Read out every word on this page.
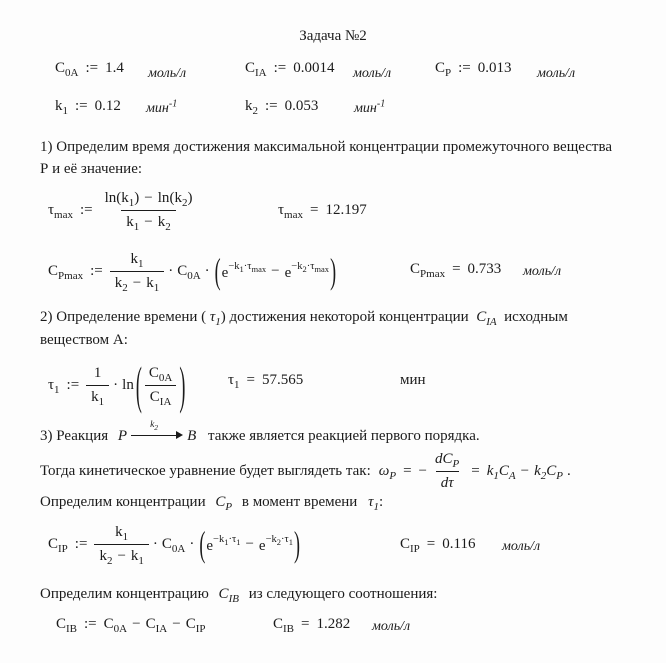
Задача №2
$C_{0A}$ := 1.4 моль/л	$C_{IA}$ := 0.0014 моль/л	$C_P$ := 0.013 моль/л
$k_1$ := 0.12 мин$^{-1}$	$k_2$ := 0.053	мин$^{-1}$
1) Определим время достижения максимальной концентрации промежуточного вещества
Р и её значение:
$\tau_{max}$ := $\frac{\ln(k_1) - \ln(k_2)}{k_1 - k_2}$	$\tau_{max} = 12.197$
$C_{Pmax}$ := $\frac{k_1}{k_2 - k_1} \cdot C_{0A}$ · ( $e^{-k_1\cdot\tau_{max}} - e^{-k_2\cdot\tau_{max}}$ )	$C_{Pmax} = 0.733$ моль/л
2) Определение времени ( $\tau_1$) достижения некоторой концентрации $C_{IA}$ исходным
веществом A:
$\tau_1$ := $\frac{1}{k_1} \cdot \ln$ ( $\frac{C_{0A}}{C_{IA}}$ )	$\tau_1 = 57.565$	мин
3) Реакция P
$k_2$
B также является реакцией первого порядка.
Тогда кинетическое уравнение будет выглядеть так: $\omega_P$ = − $\frac{dC_P}{d\tau} = k_1C_A - k_2C_P$ .
Определим концентрации $C_P$ в момент времени $\tau_1$:
$C_{IP}$ := $\frac{k_1}{k_2 - k_1} \cdot C_{0A}$ · ( $e^{-k_1\cdot\tau_1} - e^{-k_2\cdot\tau_1}$ )	$C_{IP} = 0.116$ моль/л
Определим концентрацию $C_{IB}$ из следующего соотношения:
$C_{IB}$ := $C_{0A} - C_{IA} - C_{IP}$	$C_{IB} = 1.282$ моль/л
